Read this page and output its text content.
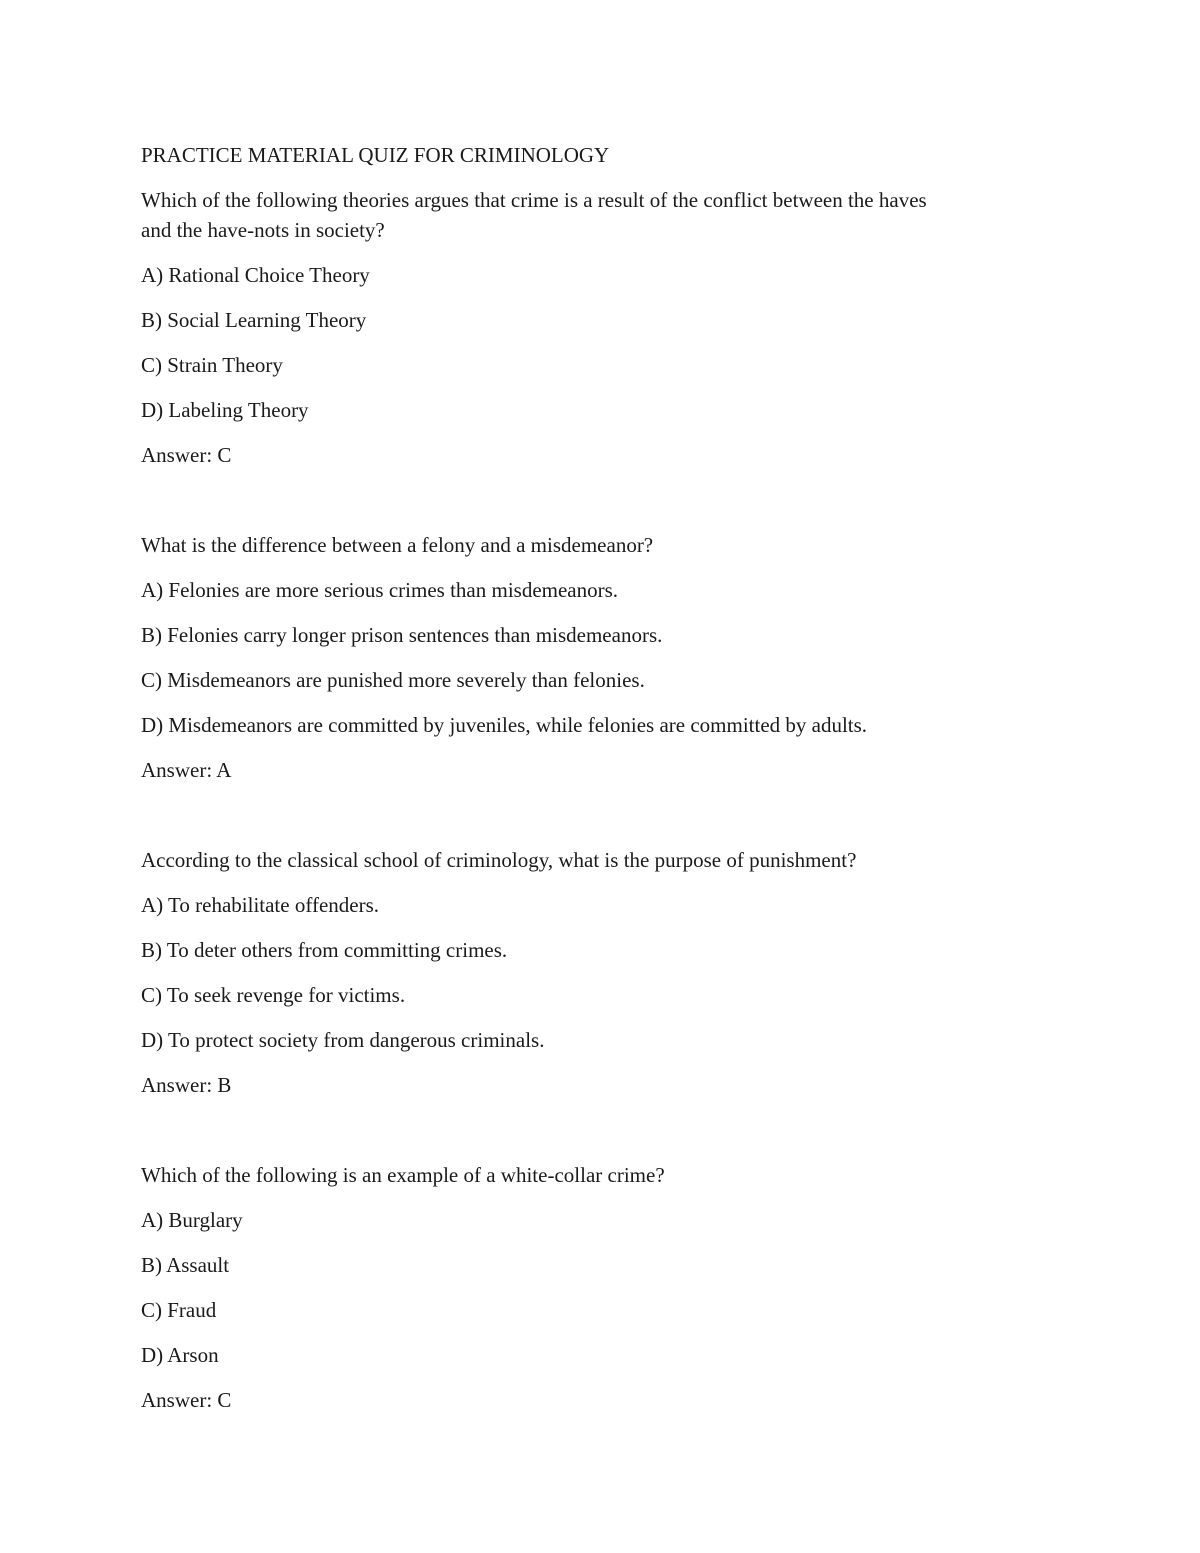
PRACTICE MATERIAL QUIZ FOR CRIMINOLOGY

Which of the following theories argues that crime is a result of the conflict between the haves
and the have-nots in society?

A) Rational Choice Theory

B) Social Learning Theory

C) Strain Theory

D) Labeling Theory

Answer: C

What is the difference between a felony and a misdemeanor?

A) Felonies are more serious crimes than misdemeanors.

B) Felonies carry longer prison sentences than misdemeanors.

C) Misdemeanors are punished more severely than felonies.

D) Misdemeanors are committed by juveniles, while felonies are committed by adults.

Answer: A

According to the classical school of criminology, what is the purpose of punishment?

A) To rehabilitate offenders.

B) To deter others from committing crimes.

C) To seek revenge for victims.

D) To protect society from dangerous criminals.

Answer: B

Which of the following is an example of a white-collar crime?

A) Burglary

B) Assault

C) Fraud

D) Arson

Answer: C
